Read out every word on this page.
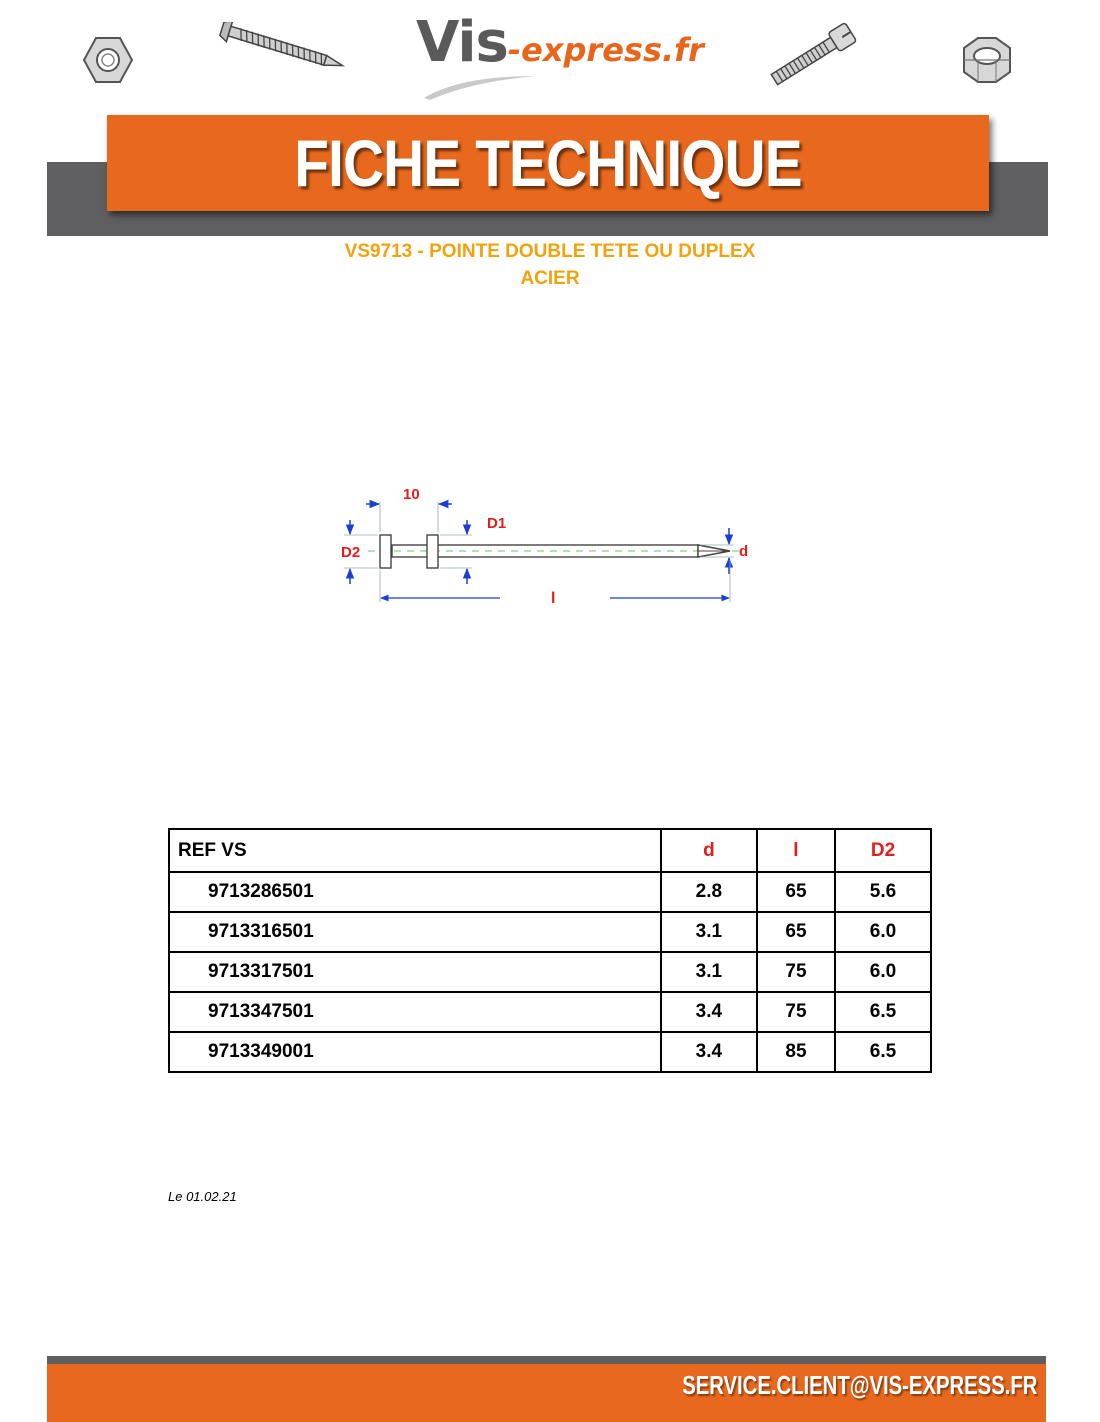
Vis-express.fr
FICHE TECHNIQUE
VS9713 - POINTE DOUBLE TETE OU DUPLEX
ACIER
10
D1
D2	d
l
REF VS	d	l	D2
9713286501	2.8	65	5.6
9713316501	3.1	65	6.0
9713317501	3.1	75	6.0
9713347501	3.4	75	6.5
9713349001	3.4	85	6.5
Le 01.02.21
SERVICE.CLIENT@VIS-EXPRESS.FR
